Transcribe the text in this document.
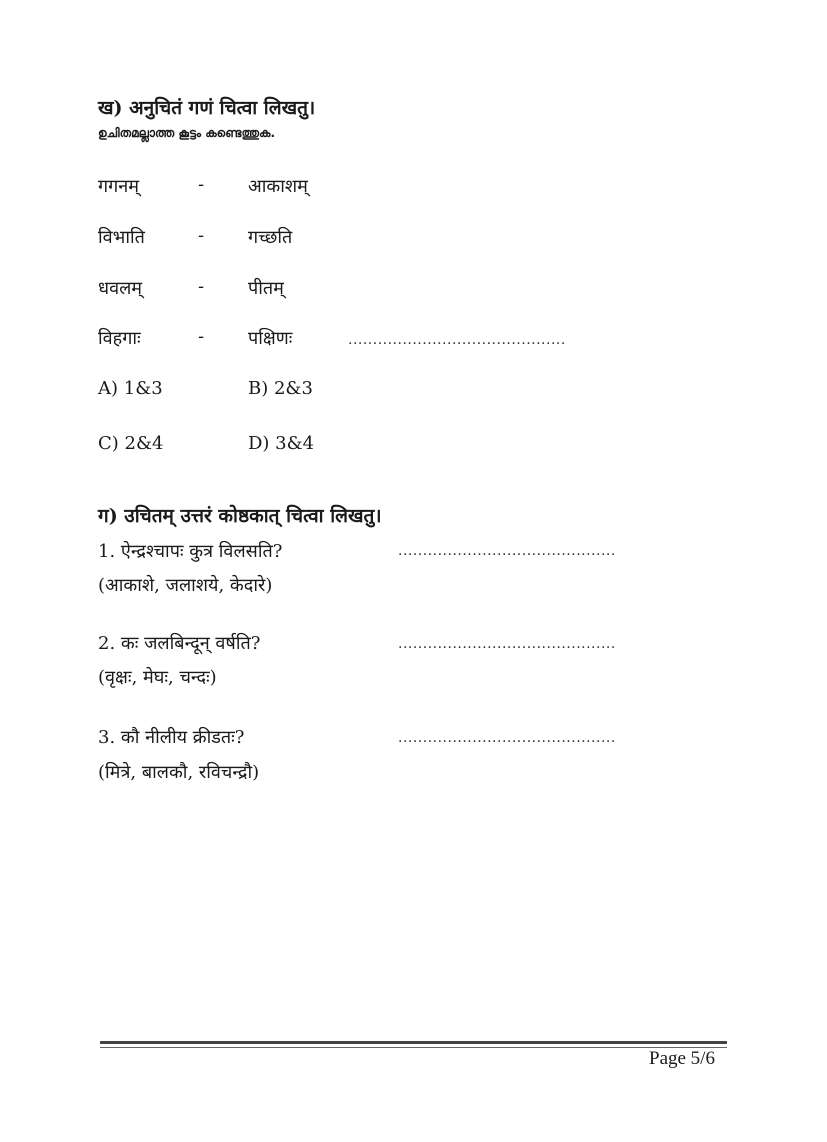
ख) अनुचितं गणं चित्वा लिखतु।
ഉചിതമല്ലാത്ത കൂട്ടം കണ്ടെത്തുക.
गगनम्	- आकाशम्
विभाति	- गच्छति
धवलम्	- पीतम्
विहगाः	- पक्षिणः	............................................
A) 1&3	B) 2&3
C) 2&4	D) 3&4
ग) उचितम् उत्तरं कोष्ठकात् चित्वा लिखतु।
1. ऐन्द्रश्चापः कुत्र विलसति?	............................................
(आकाशे, जलाशये, केदारे)
2. कः जलबिन्दून् वर्षति?	............................................
(वृक्षः, मेघः, चन्दः)
3. कौ नीलीय क्रीडतः?	............................................
(मित्रे, बालकौ, रविचन्द्रौ)
Page 5/6
